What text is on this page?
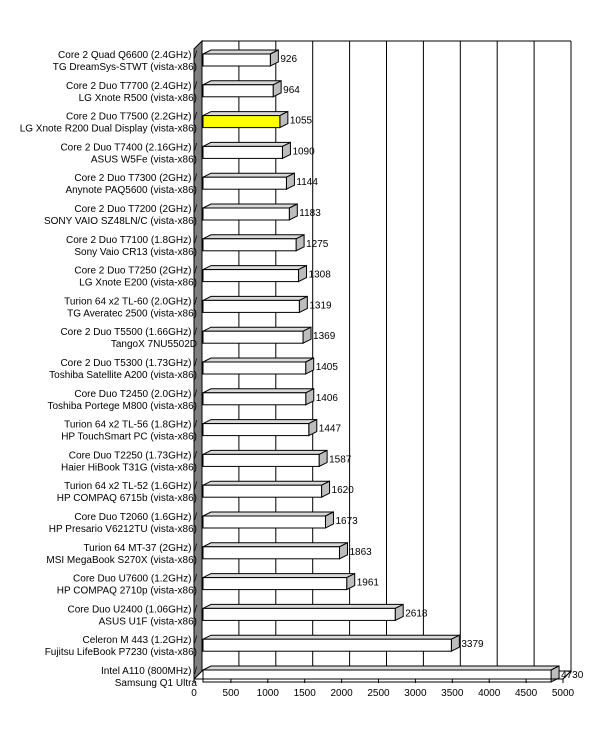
0	500 1000 1500 2000 2500 3000 3500 4000 4500 5000
Core 2 Quad Q6600 (2.4GHz) /
TG DreamSys-STWT (vista-x86)
Core 2 Duo T7700 (2.4GHz) /
LG Xnote R500 (vista-x86)
Core 2 Duo T7500 (2.2GHz) /
LG Xnote R200 Dual Display (vista-x86)
Core 2 Duo T7400 (2.16GHz) /
ASUS W5Fe (vista-x86)
Core 2 Duo T7300 (2GHz) /
Anynote PAQ5600 (vista-x86)
Core 2 Duo T7200 (2GHz) /
SONY VAIO SZ48LN/C (vista-x86)
Core 2 Duo T7100 (1.8GHz) /
Sony Vaio CR13 (vista-x86)
Core 2 Duo T7250 (2GHz) /
LG Xnote E200 (vista-x86)
Turion 64 x2 TL-60 (2.0GHz) /
TG Averatec 2500 (vista-x86)
Core 2 Duo T5500 (1.66GHz) /
TangoX 7NU5502D
Core 2 Duo T5300 (1.73GHz) /
Toshiba Satellite A200 (vista-x86)
Core Duo T2450 (2.0GHz) /
Toshiba Portege M800 (vista-x86)
Turion 64 x2 TL-56 (1.8GHz) /
HP TouchSmart PC (vista-x86)
Core Duo T2250 (1.73GHz) /
Haier HiBook T31G (vista-x86)
Turion 64 x2 TL-52 (1.6GHz) /
HP COMPAQ 6715b (vista-x86)
Core Duo T2060 (1.6GHz) /
HP Presario V6212TU (vista-x86)
Turion 64 MT-37 (2GHz) /
MSI MegaBook S270X (vista-x86)
Core Duo U7600 (1.2GHz) /
HP COMPAQ 2710p (vista-x86)
Core Duo U2400 (1.06GHz) /
ASUS U1F (vista-x86)
Celeron M 443 (1.2GHz) /
Fujitsu LifeBook P7230 (vista-x86)
Intel A110 (800MHz) /
Samsung Q1 Ultra
926
964
1055
1090
1144
1183
1275
1308
1319
1369
1405
1406
1447
1587
1620
1673
1863
1961
2618
3379
4730
